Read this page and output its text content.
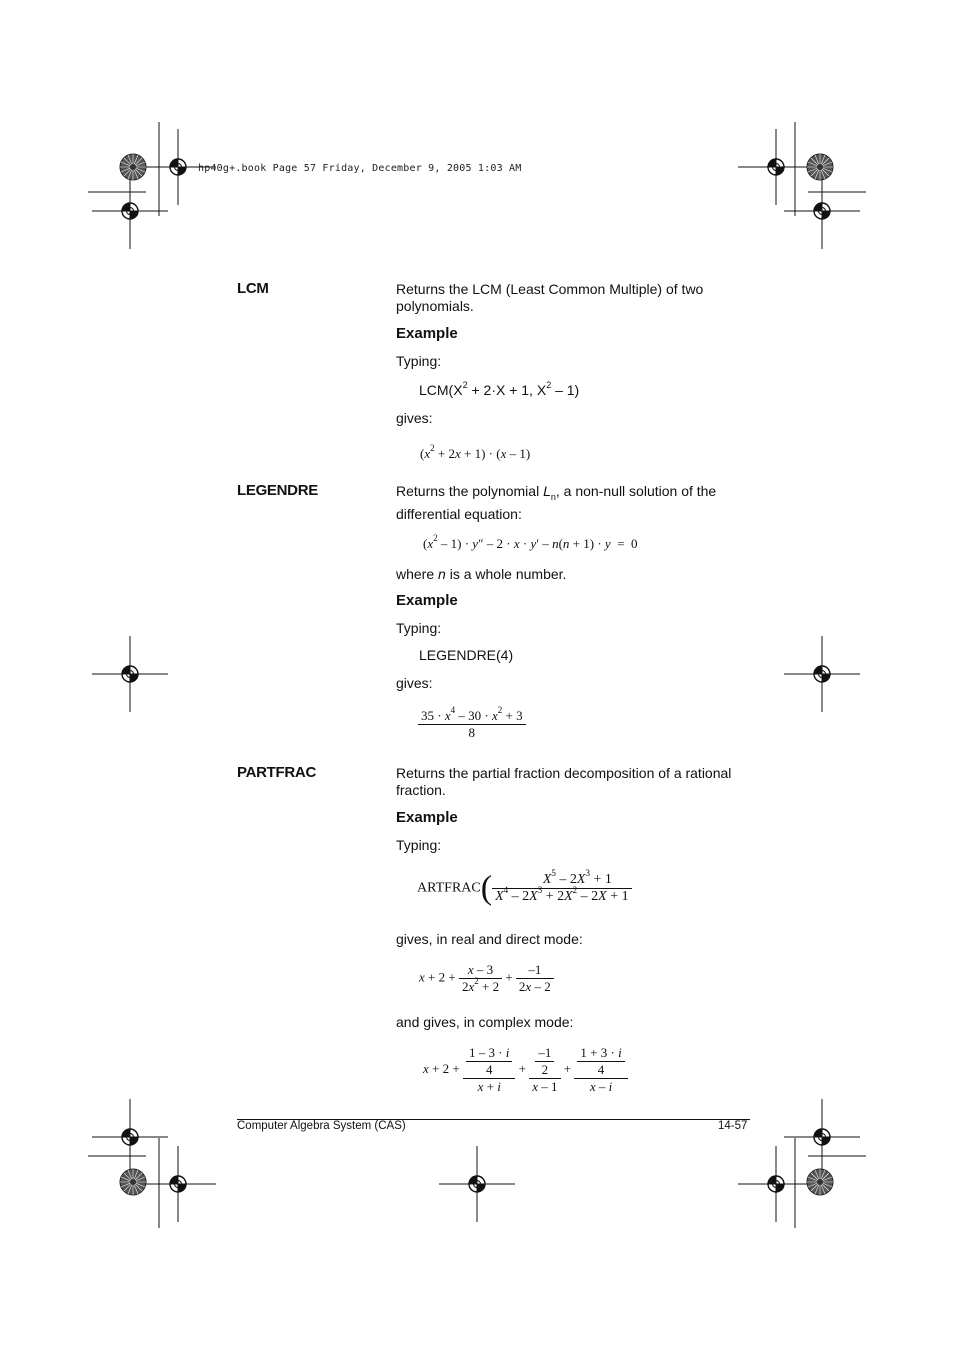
hp40g+.book Page 57 Friday, December 9, 2005 1:03 AM
LCM	Returns the LCM (Least Common Multiple) of two polynomials.
Example
Typing:
$LCM(X^2 + 2\cdot X + 1$, $X^2 - 1$)
gives:
$(x^2 + 2x + 1) \cdot (x - 1)$
LEGENDRE	Returns the polynomial $L_n$, a non-null solution of the differential equation:
$(x^2 - 1) \cdot y'' - 2 \cdot x \cdot y' - n(n + 1) \cdot y = 0$
where n is a whole number.
Example
Typing:
LEGENDRE(4)
gives:
$\frac{35 \cdot x^4 - 30 \cdot x^2 + 3}{8}$
PARTFRAC	Returns the partial fraction decomposition of a rational fraction.
Example
Typing:
ARTFRAC( $\frac{X^5 - 2X^3 + 1}{X^4 - 2X^3 + 2X^2 - 2X + 1}$
gives, in real and direct mode:
$x + 2 + \frac{x - 3}{2x^2 + 2} + \frac{-1}{2x - 2}$
and gives, in complex mode:
$x + 2 + \frac{\frac{1 - 3 \cdot i}{4}}{x + i} + \frac{\frac{-1}{2}}{x - 1} + \frac{\frac{1 + 3 \cdot i}{4}}{x - i}$
Computer Algebra System (CAS)	14-57
